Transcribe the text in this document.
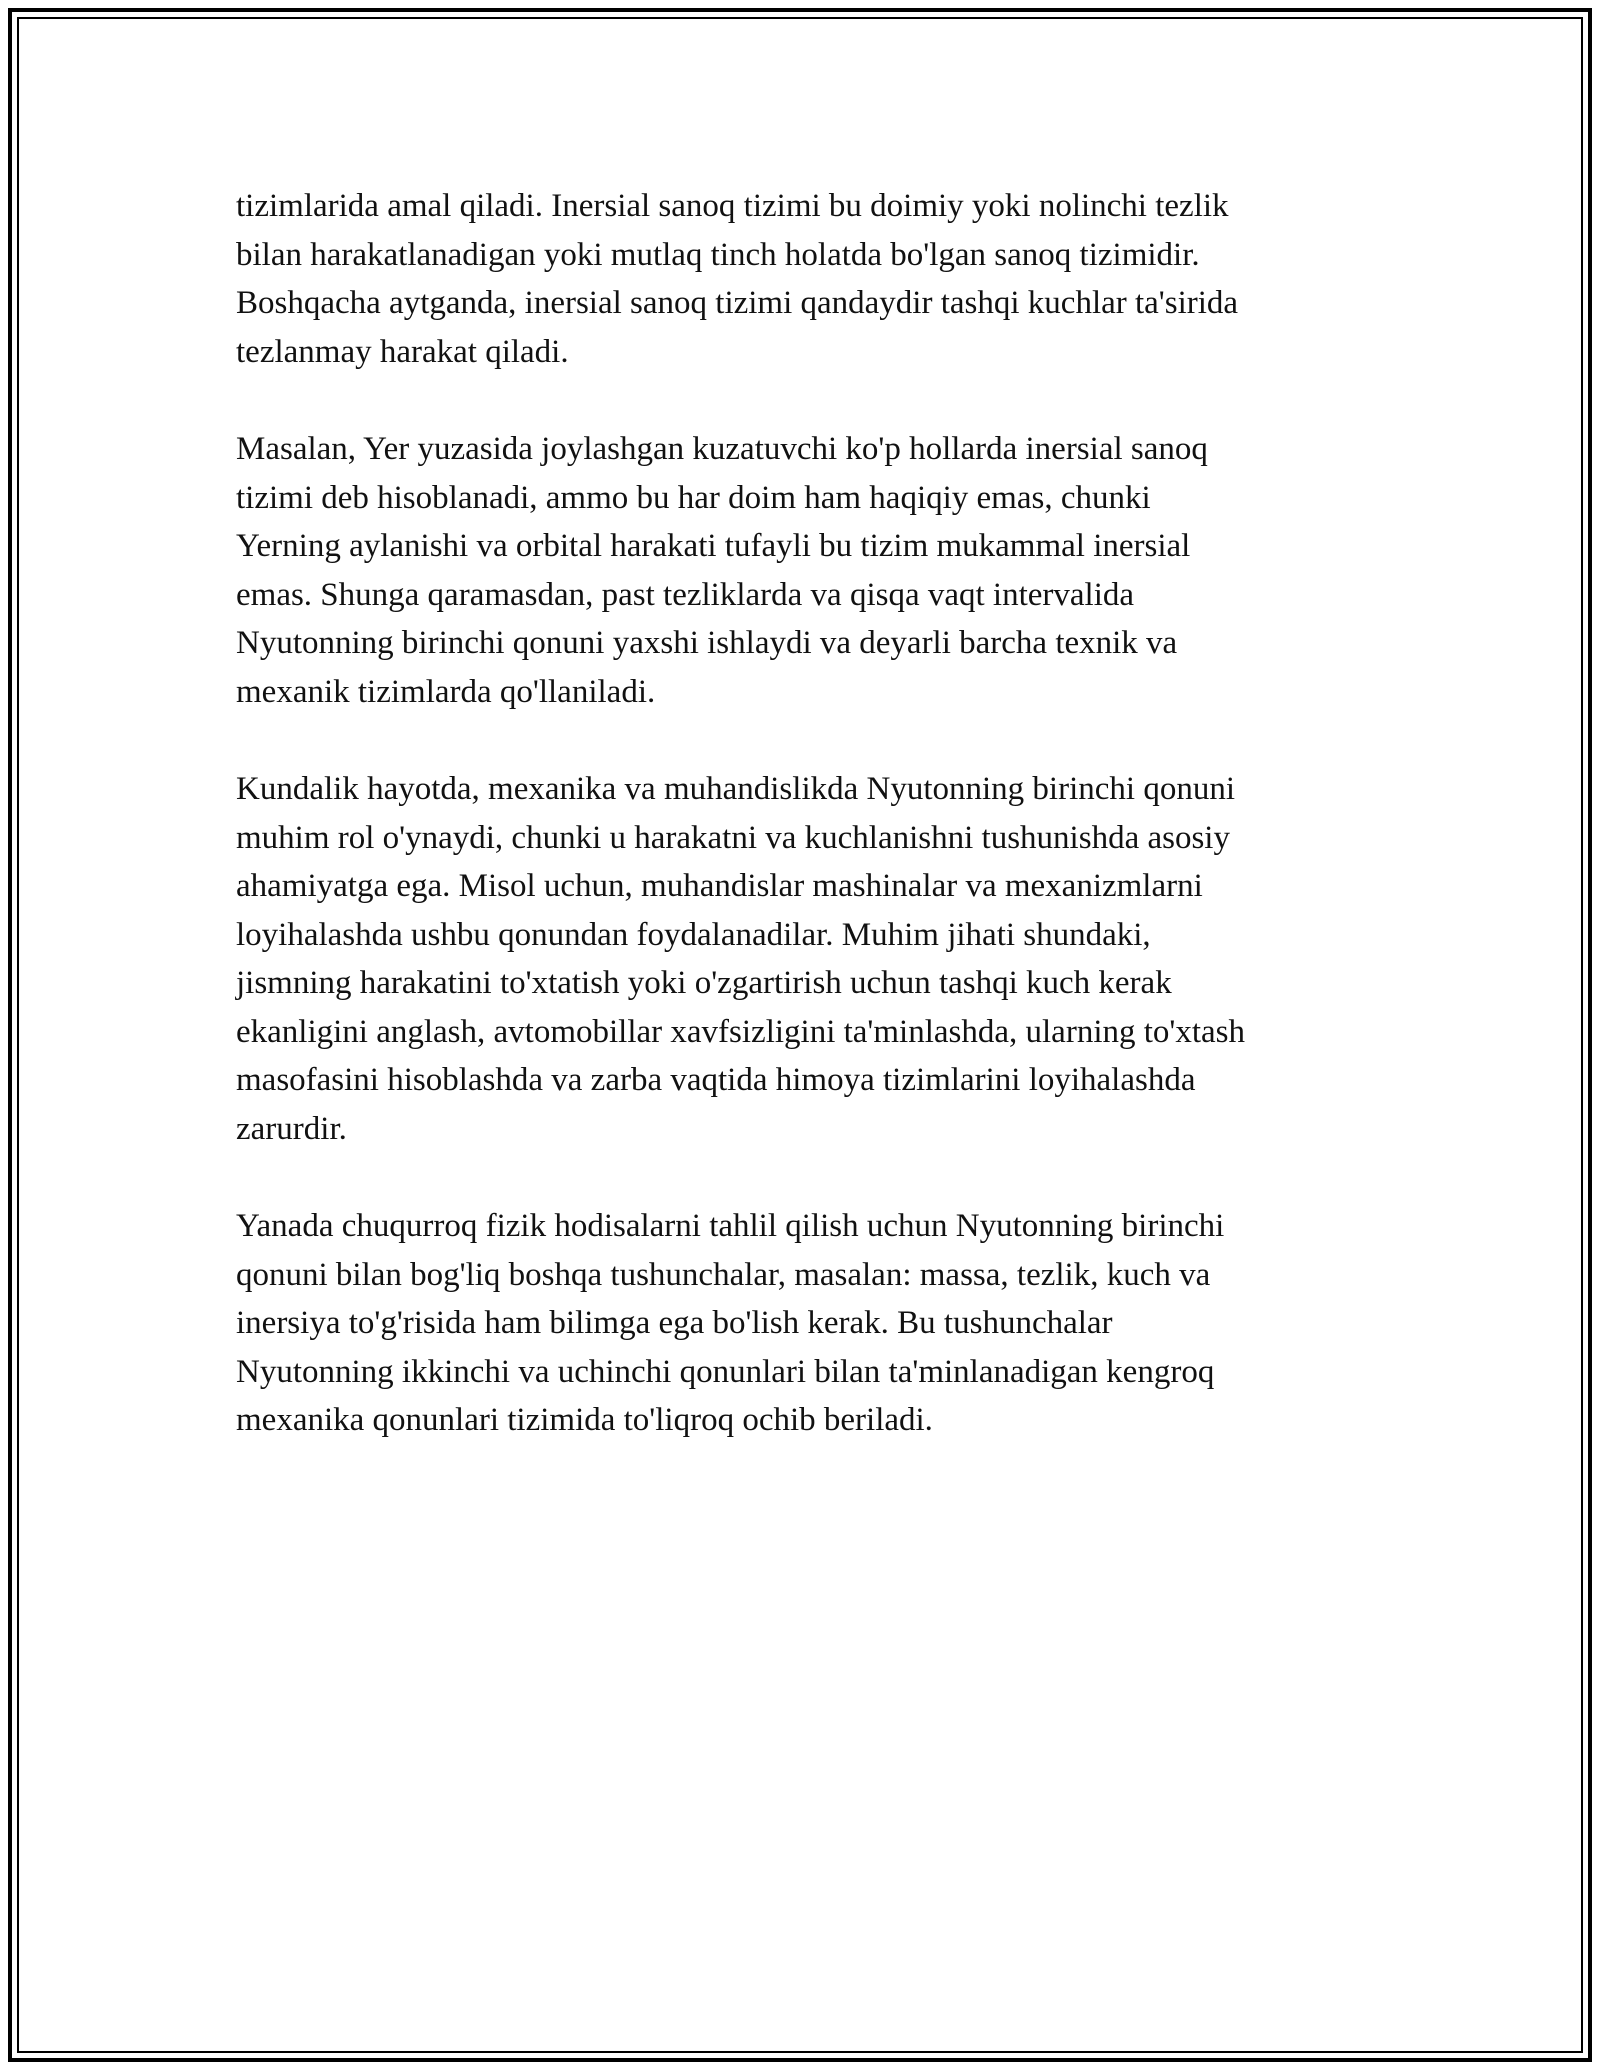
tizimlarida amal qiladi. Inersial sanoq tizimi bu doimiy yoki nolinchi tezlik
bilan harakatlanadigan yoki mutlaq tinch holatda bo'lgan sanoq tizimidir.
Boshqacha aytganda, inersial sanoq tizimi qandaydir tashqi kuchlar ta'sirida
tezlanmay harakat qiladi.

Masalan, Yer yuzasida joylashgan kuzatuvchi ko'p hollarda inersial sanoq
tizimi deb hisoblanadi, ammo bu har doim ham haqiqiy emas, chunki
Yerning aylanishi va orbital harakati tufayli bu tizim mukammal inersial
emas. Shunga qaramasdan, past tezliklarda va qisqa vaqt intervalida
Nyutonning birinchi qonuni yaxshi ishlaydi va deyarli barcha texnik va
mexanik tizimlarda qo'llaniladi.

Kundalik hayotda, mexanika va muhandislikda Nyutonning birinchi qonuni
muhim rol o'ynaydi, chunki u harakatni va kuchlanishni tushunishda asosiy
ahamiyatga ega. Misol uchun, muhandislar mashinalar va mexanizmlarni
loyihalashda ushbu qonundan foydalanadilar. Muhim jihati shundaki,
jismning harakatini to'xtatish yoki o'zgartirish uchun tashqi kuch kerak
ekanligini anglash, avtomobillar xavfsizligini ta'minlashda, ularning to'xtash
masofasini hisoblashda va zarba vaqtida himoya tizimlarini loyihalashda
zarurdir.

Yanada chuqurroq fizik hodisalarni tahlil qilish uchun Nyutonning birinchi
qonuni bilan bog'liq boshqa tushunchalar, masalan: massa, tezlik, kuch va
inersiya to'g'risida ham bilimga ega bo'lish kerak. Bu tushunchalar
Nyutonning ikkinchi va uchinchi qonunlari bilan ta'minlanadigan kengroq
mexanika qonunlari tizimida to'liqroq ochib beriladi.
